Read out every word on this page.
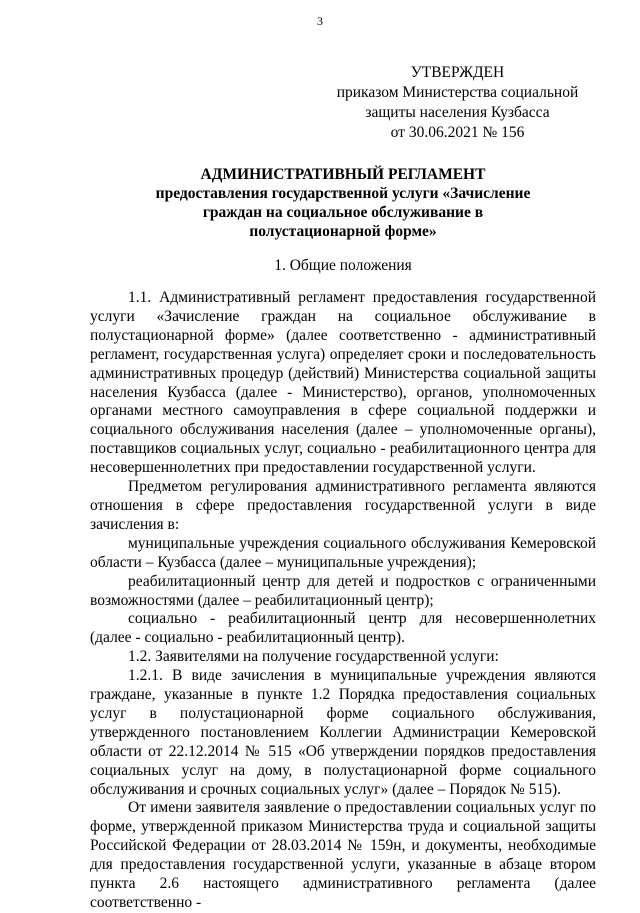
3
УТВЕРЖДЕН
приказом Министерства социальной
защиты населения Кузбасса
от 30.06.2021 № 156
АДМИНИСТРАТИВНЫЙ РЕГЛАМЕНТ
предоставления государственной услуги «Зачисление
граждан на социальное обслуживание в
полустационарной форме»
1. Общие положения

1.1. Административный регламент предоставления государственной услуги «Зачисление граждан на социальное обслуживание в полустационарной форме» (далее соответственно - административный регламент, государственная услуга) определяет сроки и последовательность административных процедур (действий) Министерства социальной защиты населения Кузбасса (далее - Министерство), органов, уполномоченных органами местного самоуправления в сфере социальной поддержки и социального обслуживания населения (далее – уполномоченные органы), поставщиков социальных услуг, социально - реабилитационного центра для несовершеннолетних при предоставлении государственной услуги.

Предметом регулирования административного регламента являются отношения в сфере предоставления государственной услуги в виде зачисления в:

муниципальные учреждения социального обслуживания Кемеровской области – Кузбасса (далее – муниципальные учреждения);

реабилитационный центр для детей и подростков с ограниченными возможностями (далее – реабилитационный центр);

социально - реабилитационный центр для несовершеннолетних (далее - социально - реабилитационный центр).

1.2. Заявителями на получение государственной услуги:

1.2.1. В виде зачисления в муниципальные учреждения являются граждане, указанные в пункте 1.2 Порядка предоставления социальных услуг в полустационарной форме социального обслуживания, утвержденного постановлением Коллегии Администрации Кемеровской области от 22.12.2014 № 515 «Об утверждении порядков предоставления социальных услуг на дому, в полустационарной форме социального обслуживания и срочных социальных услуг» (далее – Порядок № 515).

От имени заявителя заявление о предоставлении социальных услуг по форме, утвержденной приказом Министерства труда и социальной защиты Российской Федерации от 28.03.2014 № 159н, и документы, необходимые для предоставления государственной услуги, указанные в абзаце втором пункта 2.6 настоящего административного регламента (далее соответственно -
